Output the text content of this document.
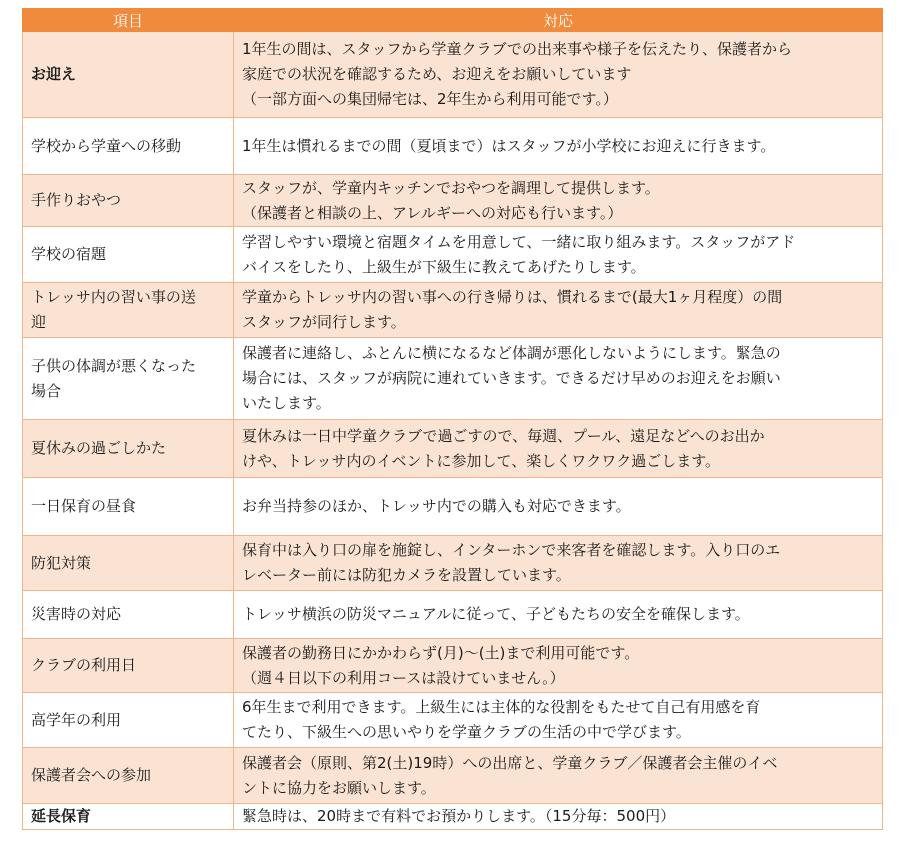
項目	対応
お迎え	1年生の間は、スタッフから学童クラブでの出来事や様子を伝えたり、保護者から
家庭での状況を確認するため、お迎えをお願いしています
（一部方面への集団帰宅は、2年生から利用可能です。）

学校から学童への移動	1年生は慣れるまでの間（夏頃まで）はスタッフが小学校にお迎えに行きます。

手作りおやつ	スタッフが、学童内キッチンでおやつを調理して提供します。
（保護者と相談の上、アレルギーへの対応も行います。）

学校の宿題	学習しやすい環境と宿題タイムを用意して、一緒に取り組みます。スタッフがアド
バイスをしたり、上級生が下級生に教えてあげたりします。

トレッサ内の習い事の送
迎	学童からトレッサ内の習い事への行き帰りは、慣れるまで(最大1ヶ月程度）の間
スタッフが同行します。

子供の体調が悪くなった
場合	保護者に連絡し、ふとんに横になるなど体調が悪化しないようにします。緊急の
場合には、スタッフが病院に連れていきます。できるだけ早めのお迎えをお願い
いたします。

夏休みの過ごしかた	夏休みは一日中学童クラブで過ごすので、毎週、プール、遠足などへのお出か
けや、トレッサ内のイベントに参加して、楽しくワクワク過ごします。

一日保育の昼食	お弁当持参のほか、トレッサ内での購入も対応できます。

防犯対策	保育中は入り口の扉を施錠し、インターホンで来客者を確認します。入り口のエ
レベーター前には防犯カメラを設置しています。

災害時の対応	トレッサ横浜の防災マニュアルに従って、子どもたちの安全を確保します。

クラブの利用日	保護者の勤務日にかかわらず(月)〜(土)まで利用可能です。
（週４日以下の利用コースは設けていません。）

高学年の利用	6年生まで利用できます。上級生には主体的な役割をもたせて自己有用感を育
てたり、下級生への思いやりを学童クラブの生活の中で学びます。

保護者会への参加	保護者会（原則、第2(土)19時）への出席と、学童クラブ／保護者会主催のイベ
ントに協力をお願いします。

延長保育	緊急時は、20時まで有料でお預かりします。（15分毎：500円）
